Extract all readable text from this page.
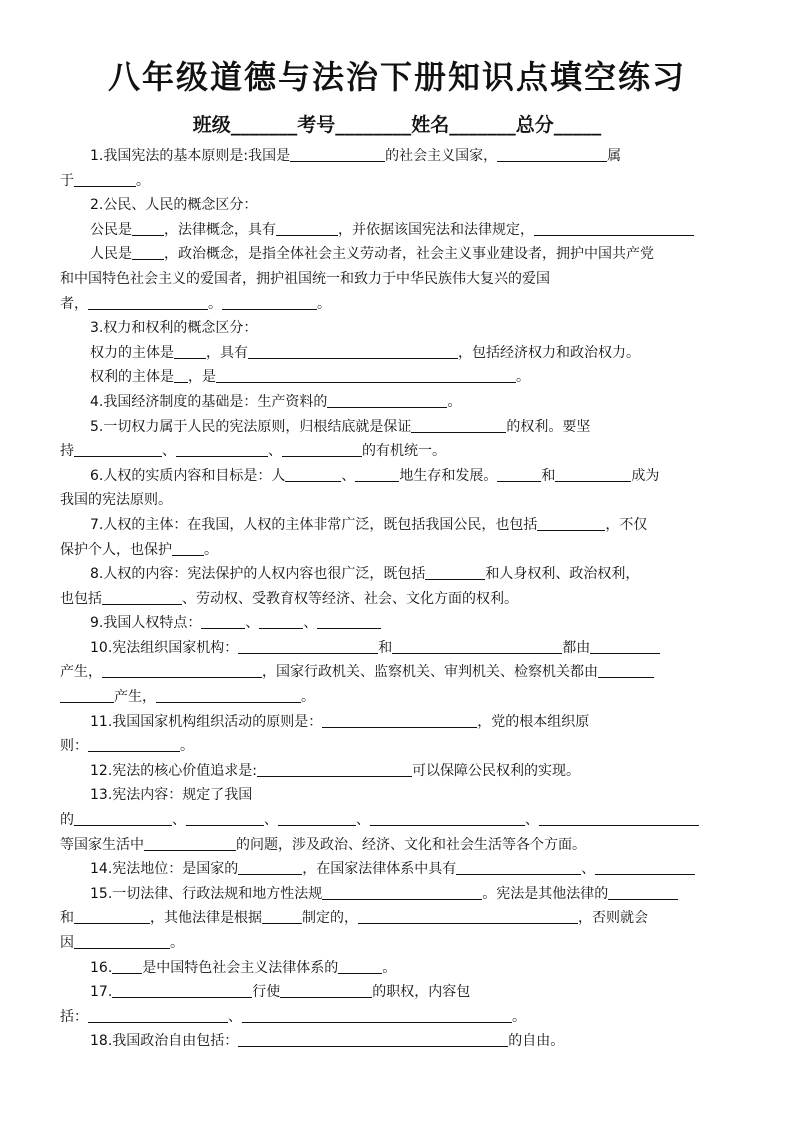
八年级道德与法治下册知识点填空练习
班级_______考号________姓名_______总分_____
1.我国宪法的基本原则是:我国是	的社会主义国家，	属
于	。
2.公民、人民的概念区分：
公民是 ，法律概念，具有	，并依据该国宪法和法律规定，
人民是 ，政治概念，是指全体社会主义劳动者，社会主义事业建设者，拥护中国共产党
和中国特色社会主义的爱国者，拥护祖国统一和致力于中华民族伟大复兴的爱国
者，	。	。
3.权力和权利的概念区分：
权力的主体是 ，具有	，包括经济权力和政治权力。
权利的主体是 ，是	。
4.我国经济制度的基础是：生产资料的	。
5.一切权力属于人民的宪法原则，归根结底就是保证	的权利。要坚
持	、	、	的有机统一。
6.人权的实质内容和目标是：人	、	地生存和发展。	和	成为
我国的宪法原则。
7.人权的主体：在我国，人权的主体非常广泛，既包括我国公民，也包括	，不仅
保护个人，也保护 。
8.人权的内容：宪法保护的人权内容也很广泛，既包括	和人身权利、政治权利，
也包括	、劳动权、受教育权等经济、社会、文化方面的权利。
9.我国人权特点：	、	、
10.宪法组织国家机构：	和	都由
产生，	，国家行政机关、监察机关、审判机关、检察机关都由
产生，	。
11.我国国家机构组织活动的原则是：	，党的根本组织原
则：	。
12.宪法的核心价值追求是:	可以保障公民权利的实现。
13.宪法内容：规定了我国
的	、	、	、	、
等国家生活中	的问题，涉及政治、经济、文化和社会生活等各个方面。
14.宪法地位：是国家的	，在国家法律体系中具有	、
15.一切法律、行政法规和地方性法规	。宪法是其他法律的
和	，其他法律是根据	制定的，	，否则就会
因	。
16. 是中国特色社会主义法律体系的	。
17.	行使	的职权，内容包
括：	、	。
18.我国政治自由包括：	的自由。
